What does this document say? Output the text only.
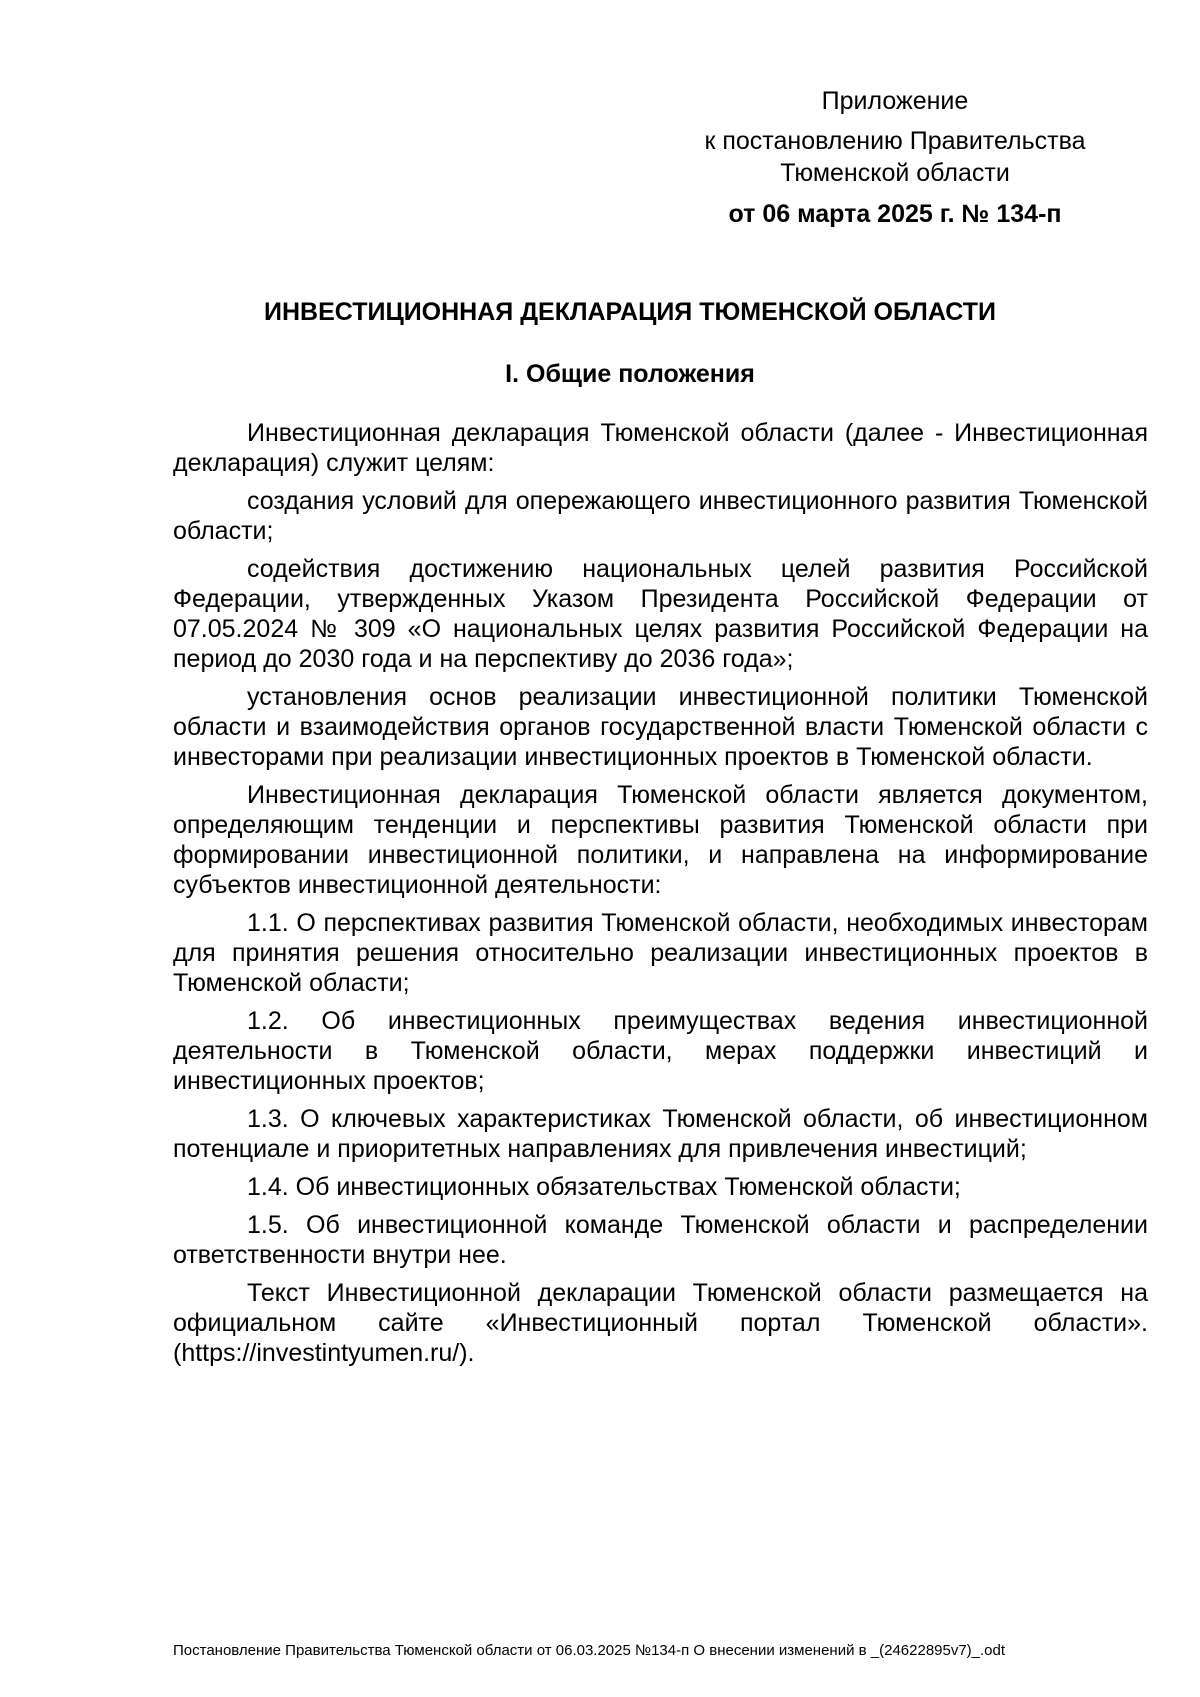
Приложение
к постановлению Правительства Тюменской области
от 06 марта 2025 г. № 134-п
ИНВЕСТИЦИОННАЯ ДЕКЛАРАЦИЯ ТЮМЕНСКОЙ ОБЛАСТИ
I. Общие положения

Инвестиционная декларация Тюменской области (далее - Инвестиционная декларация) служит целям:

создания условий для опережающего инвестиционного развития Тюменской области;

содействия достижению национальных целей развития Российской Федерации, утвержденных Указом Президента Российской Федерации от 07.05.2024 № 309 «О национальных целях развития Российской Федерации на период до 2030 года и на перспективу до 2036 года»;

установления основ реализации инвестиционной политики Тюменской области и взаимодействия органов государственной власти Тюменской области с инвесторами при реализации инвестиционных проектов в Тюменской области.

Инвестиционная декларация Тюменской области является документом, определяющим тенденции и перспективы развития Тюменской области при формировании инвестиционной политики, и направлена на информирование субъектов инвестиционной деятельности:

1.1. О перспективах развития Тюменской области, необходимых инвесторам для принятия решения относительно реализации инвестиционных проектов в Тюменской области;

1.2. Об инвестиционных преимуществах ведения инвестиционной деятельности в Тюменской области, мерах поддержки инвестиций и инвестиционных проектов;

1.3. О ключевых характеристиках Тюменской области, об инвестиционном потенциале и приоритетных направлениях для привлечения инвестиций;

1.4. Об инвестиционных обязательствах Тюменской области;

1.5. Об инвестиционной команде Тюменской области и распределении ответственности внутри нее.

Текст Инвестиционной декларации Тюменской области размещается на официальном сайте «Инвестиционный портал Тюменской области». (https://investintyumen.ru/).

Постановление Правительства Тюменской области от 06.03.2025 №134-п О внесении изменений в _(24622895v7)_.odt
